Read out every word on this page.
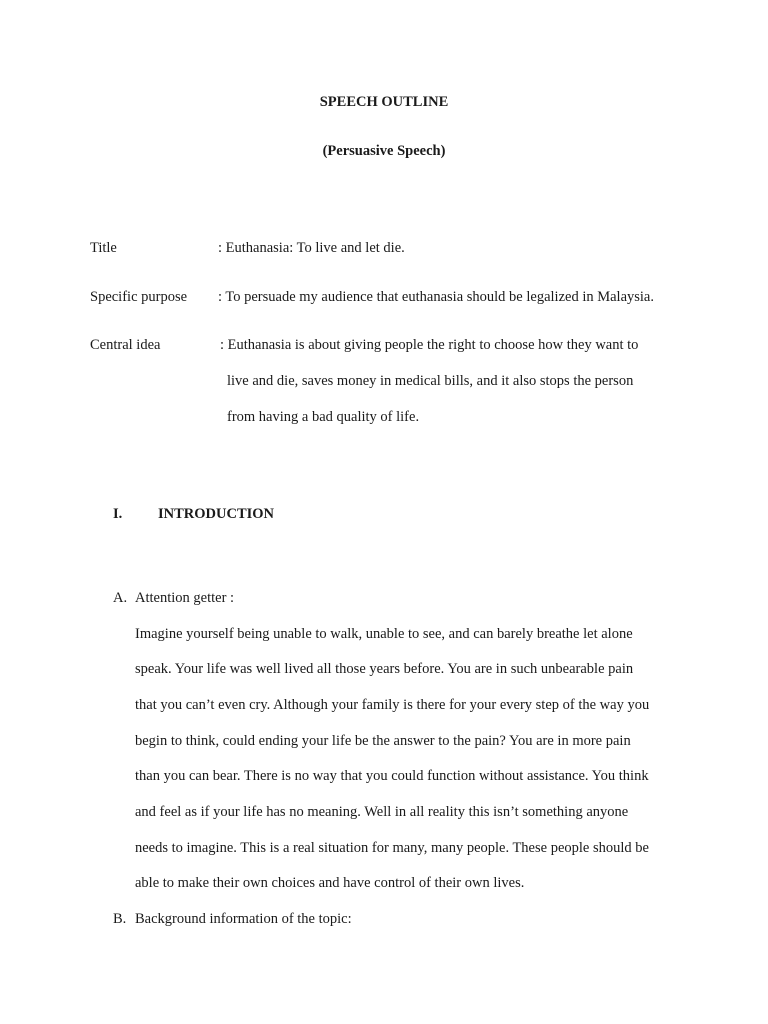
SPEECH OUTLINE
(Persuasive Speech)
Title	: Euthanasia: To live and let die.
Specific purpose : To persuade my audience that euthanasia should be legalized in Malaysia.
Central idea	: Euthanasia is about giving people the right to choose how they want to
live and die, saves money in medical bills, and it also stops the person
from having a bad quality of life.
I. INTRODUCTION
A. Attention getter :
Imagine yourself being unable to walk, unable to see, and can barely breathe let alone
speak. Your life was well lived all those years before. You are in such unbearable pain
that you can’t even cry. Although your family is there for your every step of the way you
begin to think, could ending your life be the answer to the pain? You are in more pain
than you can bear. There is no way that you could function without assistance. You think
and feel as if your life has no meaning. Well in all reality this isn’t something anyone
needs to imagine. This is a real situation for many, many people. These people should be
able to make their own choices and have control of their own lives.
B. Background information of the topic:
